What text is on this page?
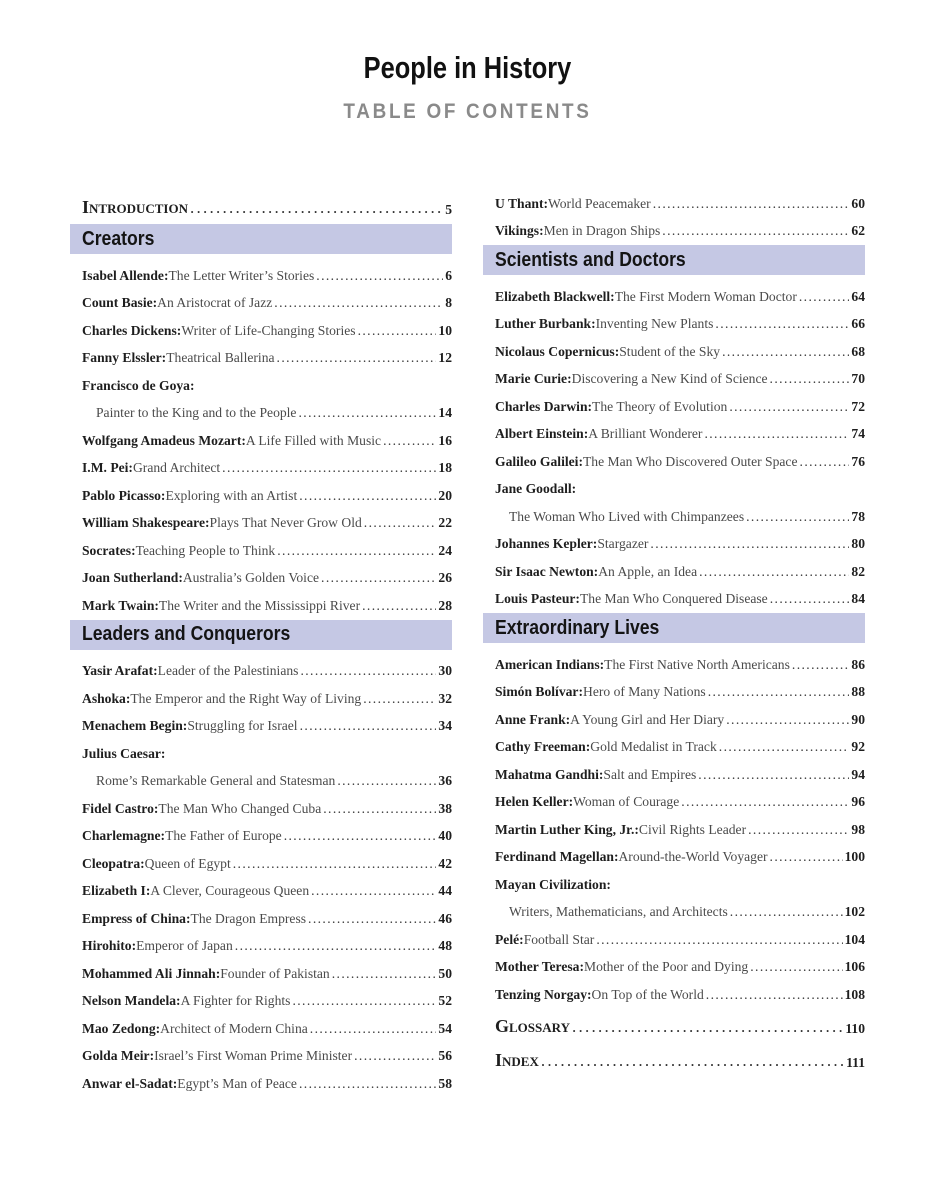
People in History
TABLE OF CONTENTS
Introduction . . .	5
Creators
Isabel Allende: The Letter Writer’s Stories . . .	6
Count Basie: An Aristocrat of Jazz . . .	8
Charles Dickens: Writer of Life-Changing Stories . . .	10
Fanny Elssler: Theatrical Ballerina . . .	12
Francisco de Goya:
Painter to the King and to the People . . .	14
Wolfgang Amadeus Mozart: A Life Filled with Music . . .	16
I.M. Pei: Grand Architect . . .	18
Pablo Picasso: Exploring with an Artist . . .	20
William Shakespeare: Plays That Never Grow Old . . .	22
Socrates: Teaching People to Think . . .	24
Joan Sutherland: Australia’s Golden Voice . . .	26
Mark Twain: The Writer and the Mississippi River . . .	28
Leaders and Conquerors
Yasir Arafat: Leader of the Palestinians . . .	30
Ashoka: The Emperor and the Right Way of Living . . .	32
Menachem Begin: Struggling for Israel . . .	34
Julius Caesar:
Rome’s Remarkable General and Statesman . . .	36
Fidel Castro: The Man Who Changed Cuba . . .	38
Charlemagne: The Father of Europe . . .	40
Cleopatra: Queen of Egypt . . .	42
Elizabeth I: A Clever, Courageous Queen . . .	44
Empress of China: The Dragon Empress . . .	46
Hirohito: Emperor of Japan . . .	48
Mohammed Ali Jinnah: Founder of Pakistan . . .	50
Nelson Mandela: A Fighter for Rights . . .	52
Mao Zedong: Architect of Modern China . . .	54
Golda Meir: Israel’s First Woman Prime Minister . . .	56
Anwar el-Sadat: Egypt’s Man of Peace . . .	58
U Thant: World Peacemaker . . .	60
Vikings: Men in Dragon Ships . . .	62
Scientists and Doctors
Elizabeth Blackwell: The First Modern Woman Doctor . . .	64
Luther Burbank: Inventing New Plants . . .	66
Nicolaus Copernicus: Student of the Sky . . .	68
Marie Curie: Discovering a New Kind of Science . . .	70
Charles Darwin: The Theory of Evolution . . .	72
Albert Einstein: A Brilliant Wonderer . . .	74
Galileo Galilei: The Man Who Discovered Outer Space . . .	76
Jane Goodall:
The Woman Who Lived with Chimpanzees . . .	78
Johannes Kepler: Stargazer . . .	80
Sir Isaac Newton: An Apple, an Idea . . .	82
Louis Pasteur: The Man Who Conquered Disease . . .	84
Extraordinary Lives
American Indians: The First Native North Americans . . .	86
Simón Bolívar: Hero of Many Nations . . .	88
Anne Frank: A Young Girl and Her Diary . . .	90
Cathy Freeman: Gold Medalist in Track . . .	92
Mahatma Gandhi: Salt and Empires . . .	94
Helen Keller: Woman of Courage . . .	96
Martin Luther King, Jr.: Civil Rights Leader . . .	98
Ferdinand Magellan: Around-the-World Voyager . . .	100
Mayan Civilization:
Writers, Mathematicians, and Architects . . .	102
Pelé: Football Star . . .	104
Mother Teresa: Mother of the Poor and Dying . . .	106
Tenzing Norgay: On Top of the World . . .	108
Glossary . . .	110
Index . . .	111
